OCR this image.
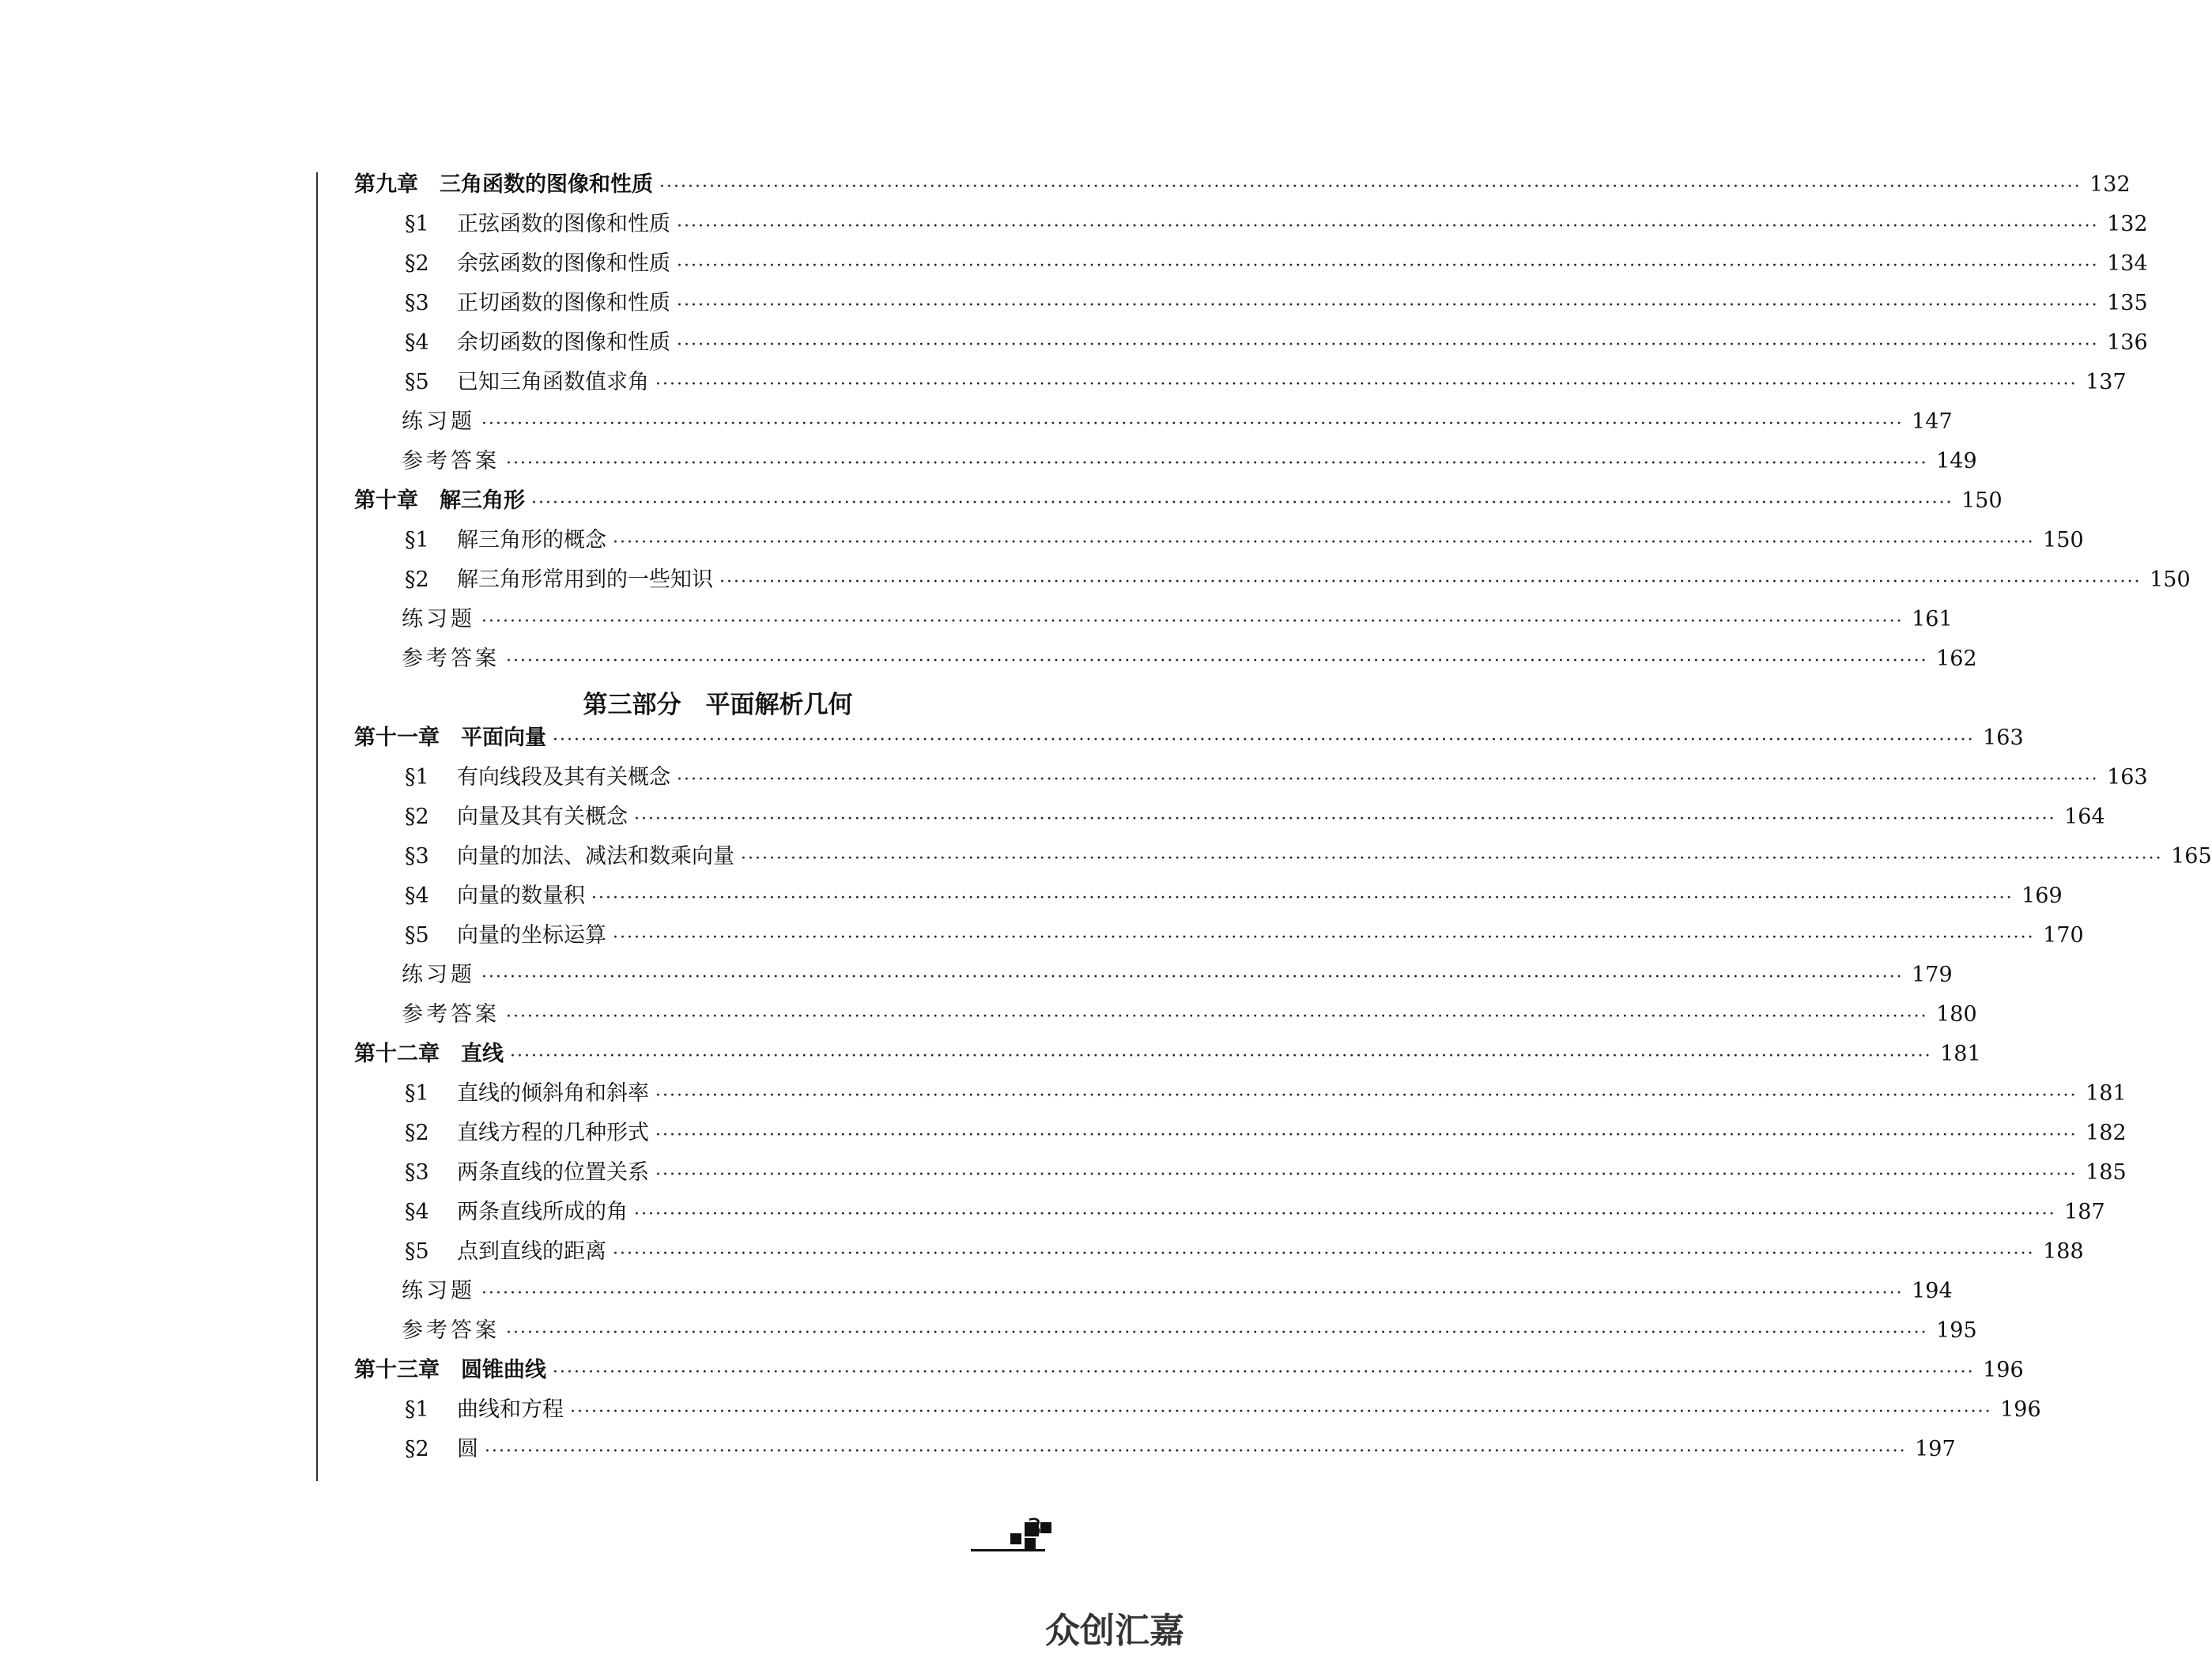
第九章　三角函数的图像和性质 ········································································································································································································ 132
§1 正弦函数的图像和性质 ········································································································································································································ 132
§2 余弦函数的图像和性质 ········································································································································································································ 134
§3 正切函数的图像和性质 ········································································································································································································ 135
§4 余切函数的图像和性质 ········································································································································································································ 136
§5 已知三角函数值求角 ········································································································································································································ 137
练习题 ········································································································································································································ 147
参考答案 ········································································································································································································ 149
第十章　解三角形 ········································································································································································································ 150
§1 解三角形的概念 ········································································································································································································ 150
§2 解三角形常用到的一些知识 ········································································································································································································ 150
练习题 ········································································································································································································ 161
参考答案 ········································································································································································································ 162
第十一章　平面向量 ········································································································································································································ 163
§1 有向线段及其有关概念 ········································································································································································································ 163
§2 向量及其有关概念 ········································································································································································································ 164
§3 向量的加法、减法和数乘向量 ········································································································································································································ 165
§4 向量的数量积 ········································································································································································································ 169
§5 向量的坐标运算 ········································································································································································································ 170
练习题 ········································································································································································································ 179
参考答案 ········································································································································································································ 180
第十二章　直线 ········································································································································································································ 181
§1 直线的倾斜角和斜率 ········································································································································································································ 181
§2 直线方程的几种形式 ········································································································································································································ 182
§3 两条直线的位置关系 ········································································································································································································ 185
§4 两条直线所成的角 ········································································································································································································ 187
§5 点到直线的距离 ········································································································································································································ 188
练习题 ········································································································································································································ 194
参考答案 ········································································································································································································ 195
第十三章　圆锥曲线 ········································································································································································································ 196
§1 曲线和方程 ········································································································································································································ 196
§2 圆 ········································································································································································································ 197
第三部分　平面解析几何
众创汇嘉
